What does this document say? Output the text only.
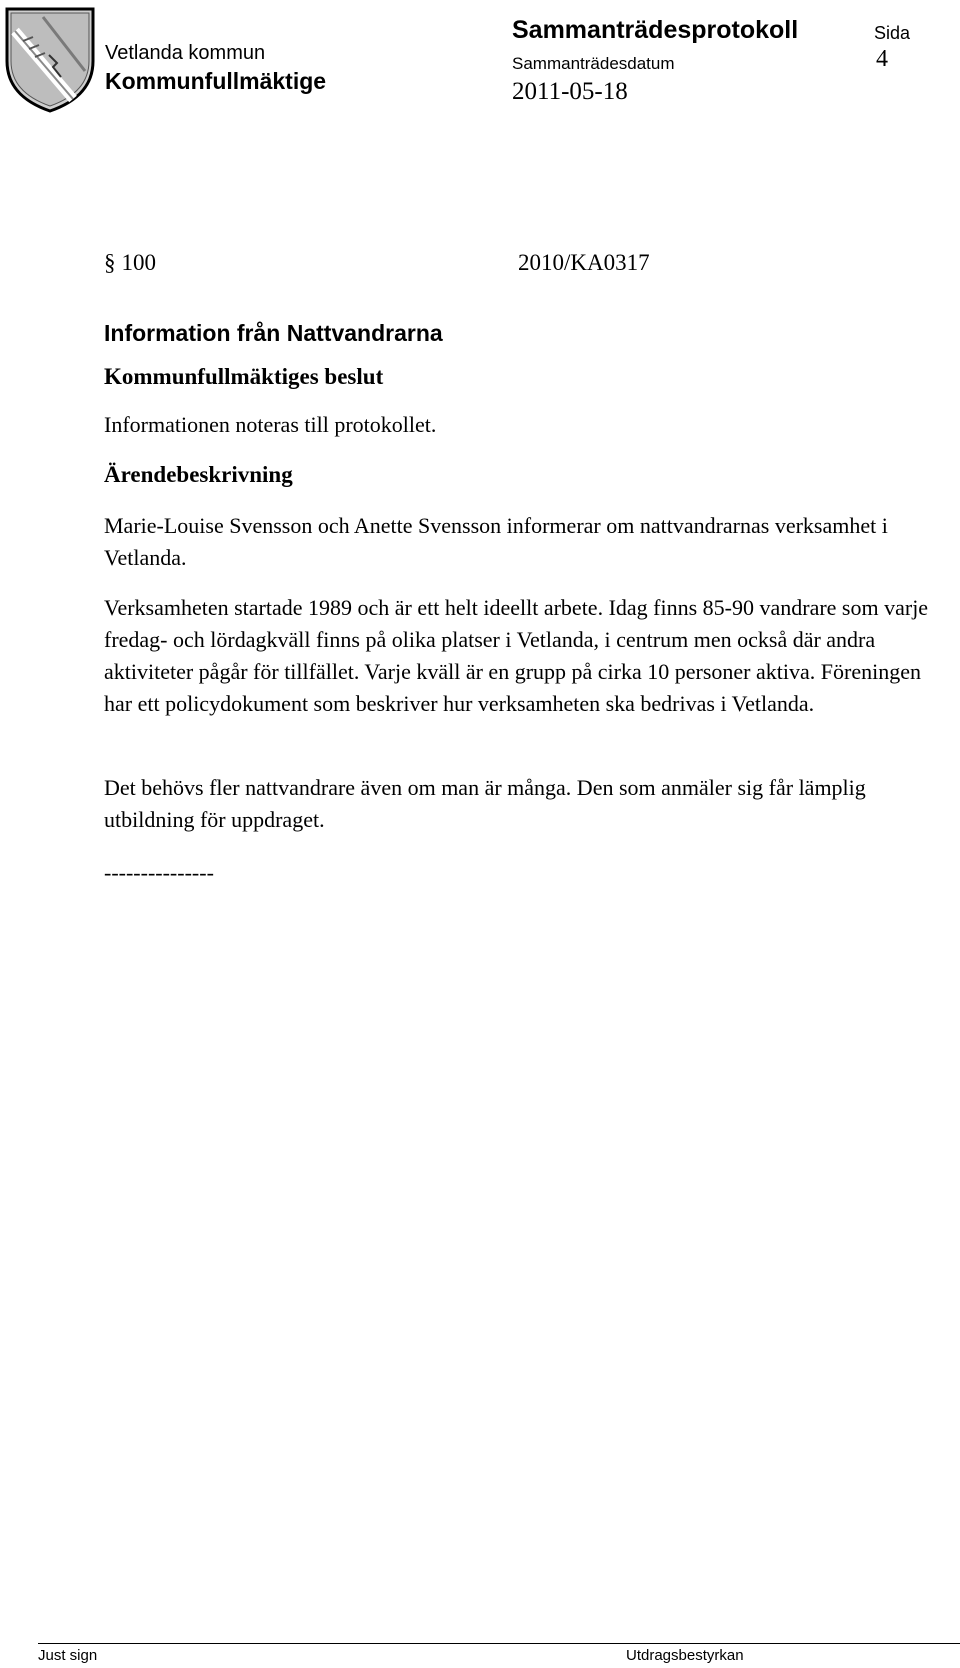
Vetlanda kommun
Kommunfullmäktige
Sammanträdesprotokoll	Sida
4
Sammanträdesdatum
2011-05-18
§ 100	2010/KA0317
Information från Nattvandrarna
Kommunfullmäktiges beslut
Informationen noteras till protokollet.
Ärendebeskrivning
Marie-Louise Svensson och Anette Svensson informerar om nattvandrarnas verksamhet i Vetlanda.
Verksamheten startade 1989 och är ett helt ideellt arbete. Idag finns 85-90 vandrare som varje fredag- och lördagkväll finns på olika platser i Vetlanda, i centrum men också där andra aktiviteter pågår för tillfället. Varje kväll är en grupp på cirka 10 personer aktiva. Föreningen har ett policydokument som beskriver hur verksamheten ska bedrivas i Vetlanda.
Det behövs fler nattvandrare även om man är många. Den som anmäler sig får lämplig utbildning för uppdraget.
---------------
Just sign	Utdragsbestyrkan
